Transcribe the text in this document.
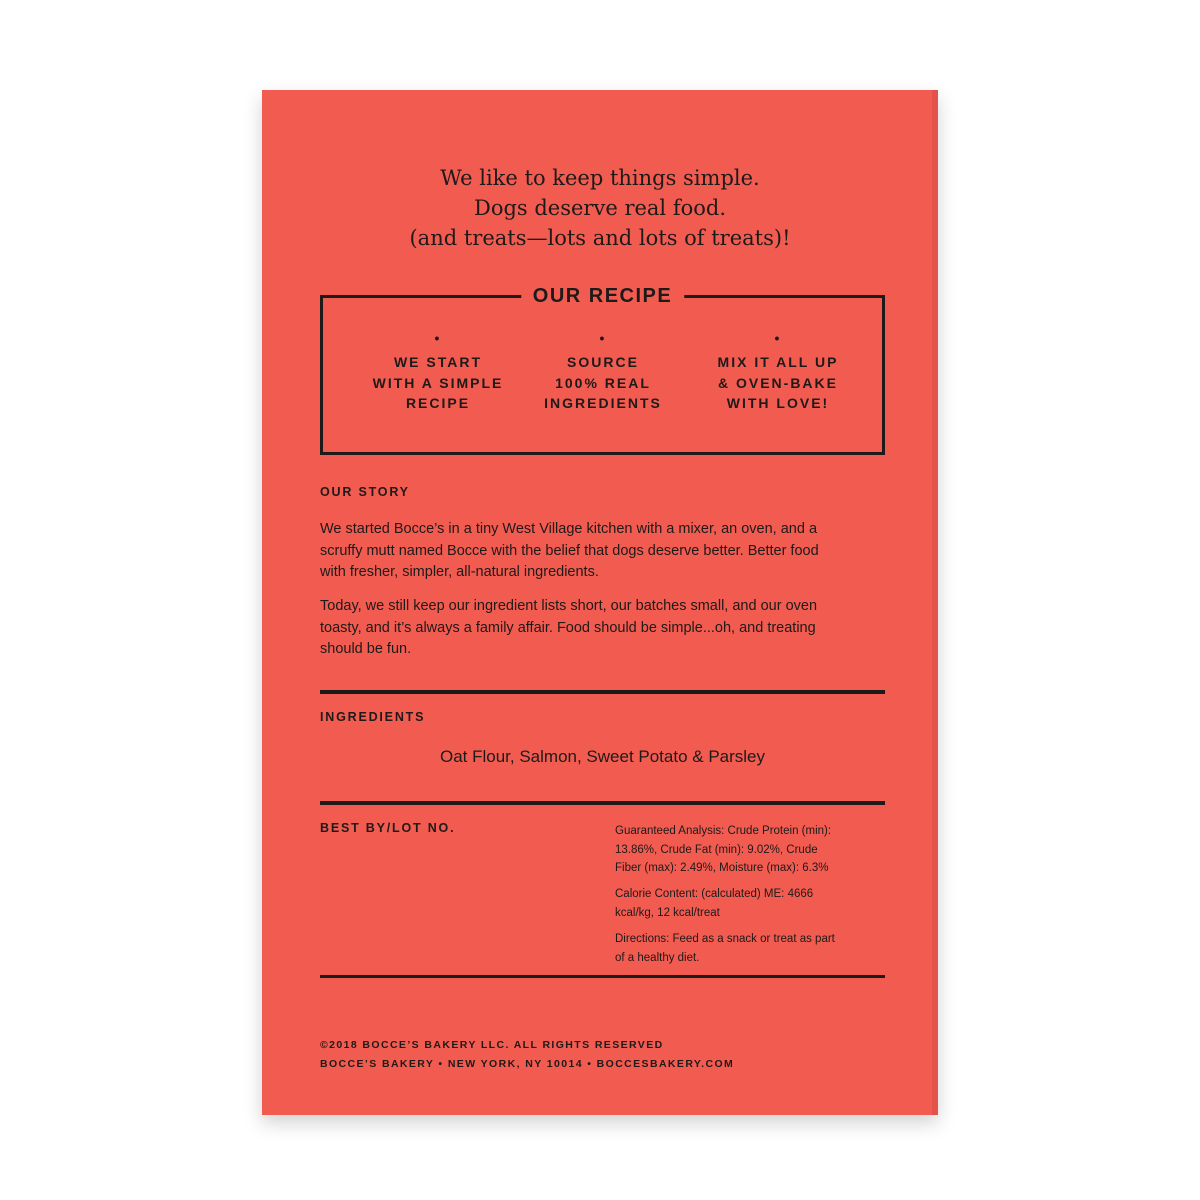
We like to keep things simple.
Dogs deserve real food.
(and treats—lots and lots of treats)!
OUR RECIPE
•
WE START
WITH A SIMPLE
RECIPE
•
SOURCE
100% REAL
INGREDIENTS
•
MIX IT ALL UP
& OVEN-BAKE
WITH LOVE!
OUR STORY
We started Bocce’s in a tiny West Village kitchen with a mixer, an oven, and a
scruffy mutt named Bocce with the belief that dogs deserve better. Better food
with fresher, simpler, all-natural ingredients.
Today, we still keep our ingredient lists short, our batches small, and our oven
toasty, and it’s always a family affair. Food should be simple...oh, and treating
should be fun.
INGREDIENTS
Oat Flour, Salmon, Sweet Potato & Parsley
BEST BY/LOT NO.	Guaranteed Analysis: Crude Protein (min):
13.86%, Crude Fat (min): 9.02%, Crude
Fiber (max): 2.49%, Moisture (max): 6.3%
Calorie Content: (calculated) ME: 4666
kcal/kg, 12 kcal/treat
Directions: Feed as a snack or treat as part
of a healthy diet.
©2018 BOCCE’S BAKERY LLC. ALL RIGHTS RESERVED
BOCCE’S BAKERY • NEW YORK, NY 10014 • BOCCESBAKERY.COM
